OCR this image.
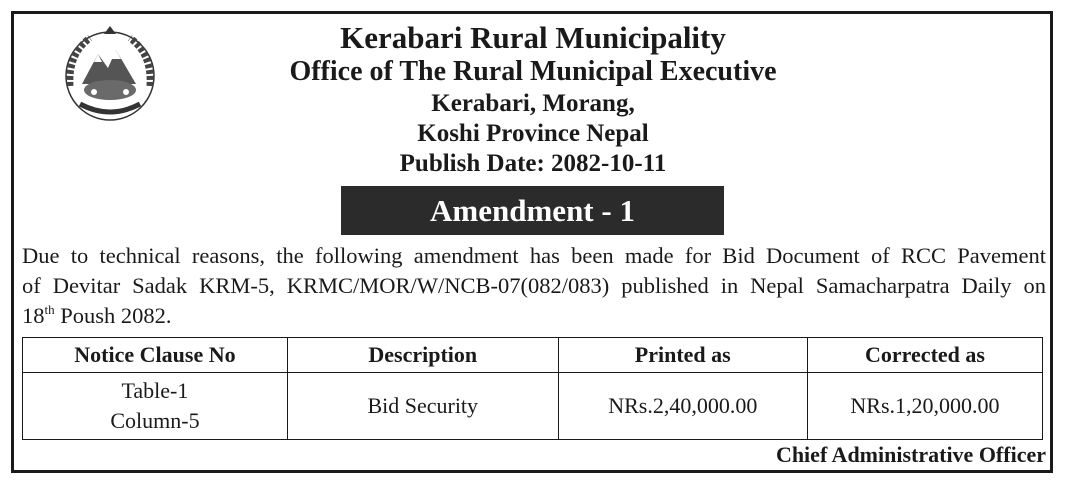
Kerabari Rural Municipality
Office of The Rural Municipal Executive
Kerabari, Morang,
Koshi Province Nepal
Publish Date: 2082-10-11
Amendment - 1
Due to technical reasons, the following amendment has been made for Bid Document of RCC Pavement
of Devitar Sadak KRM-5, KRMC/MOR/W/NCB-07(082/083) published in Nepal Samacharpatra Daily on
18th Poush 2082.
Notice Clause No	Description	Printed as	Corrected as

Table-1
Column-5	Bid Security	NRs.2,40,000.00	NRs.1,20,000.00
Chief Administrative Officer
